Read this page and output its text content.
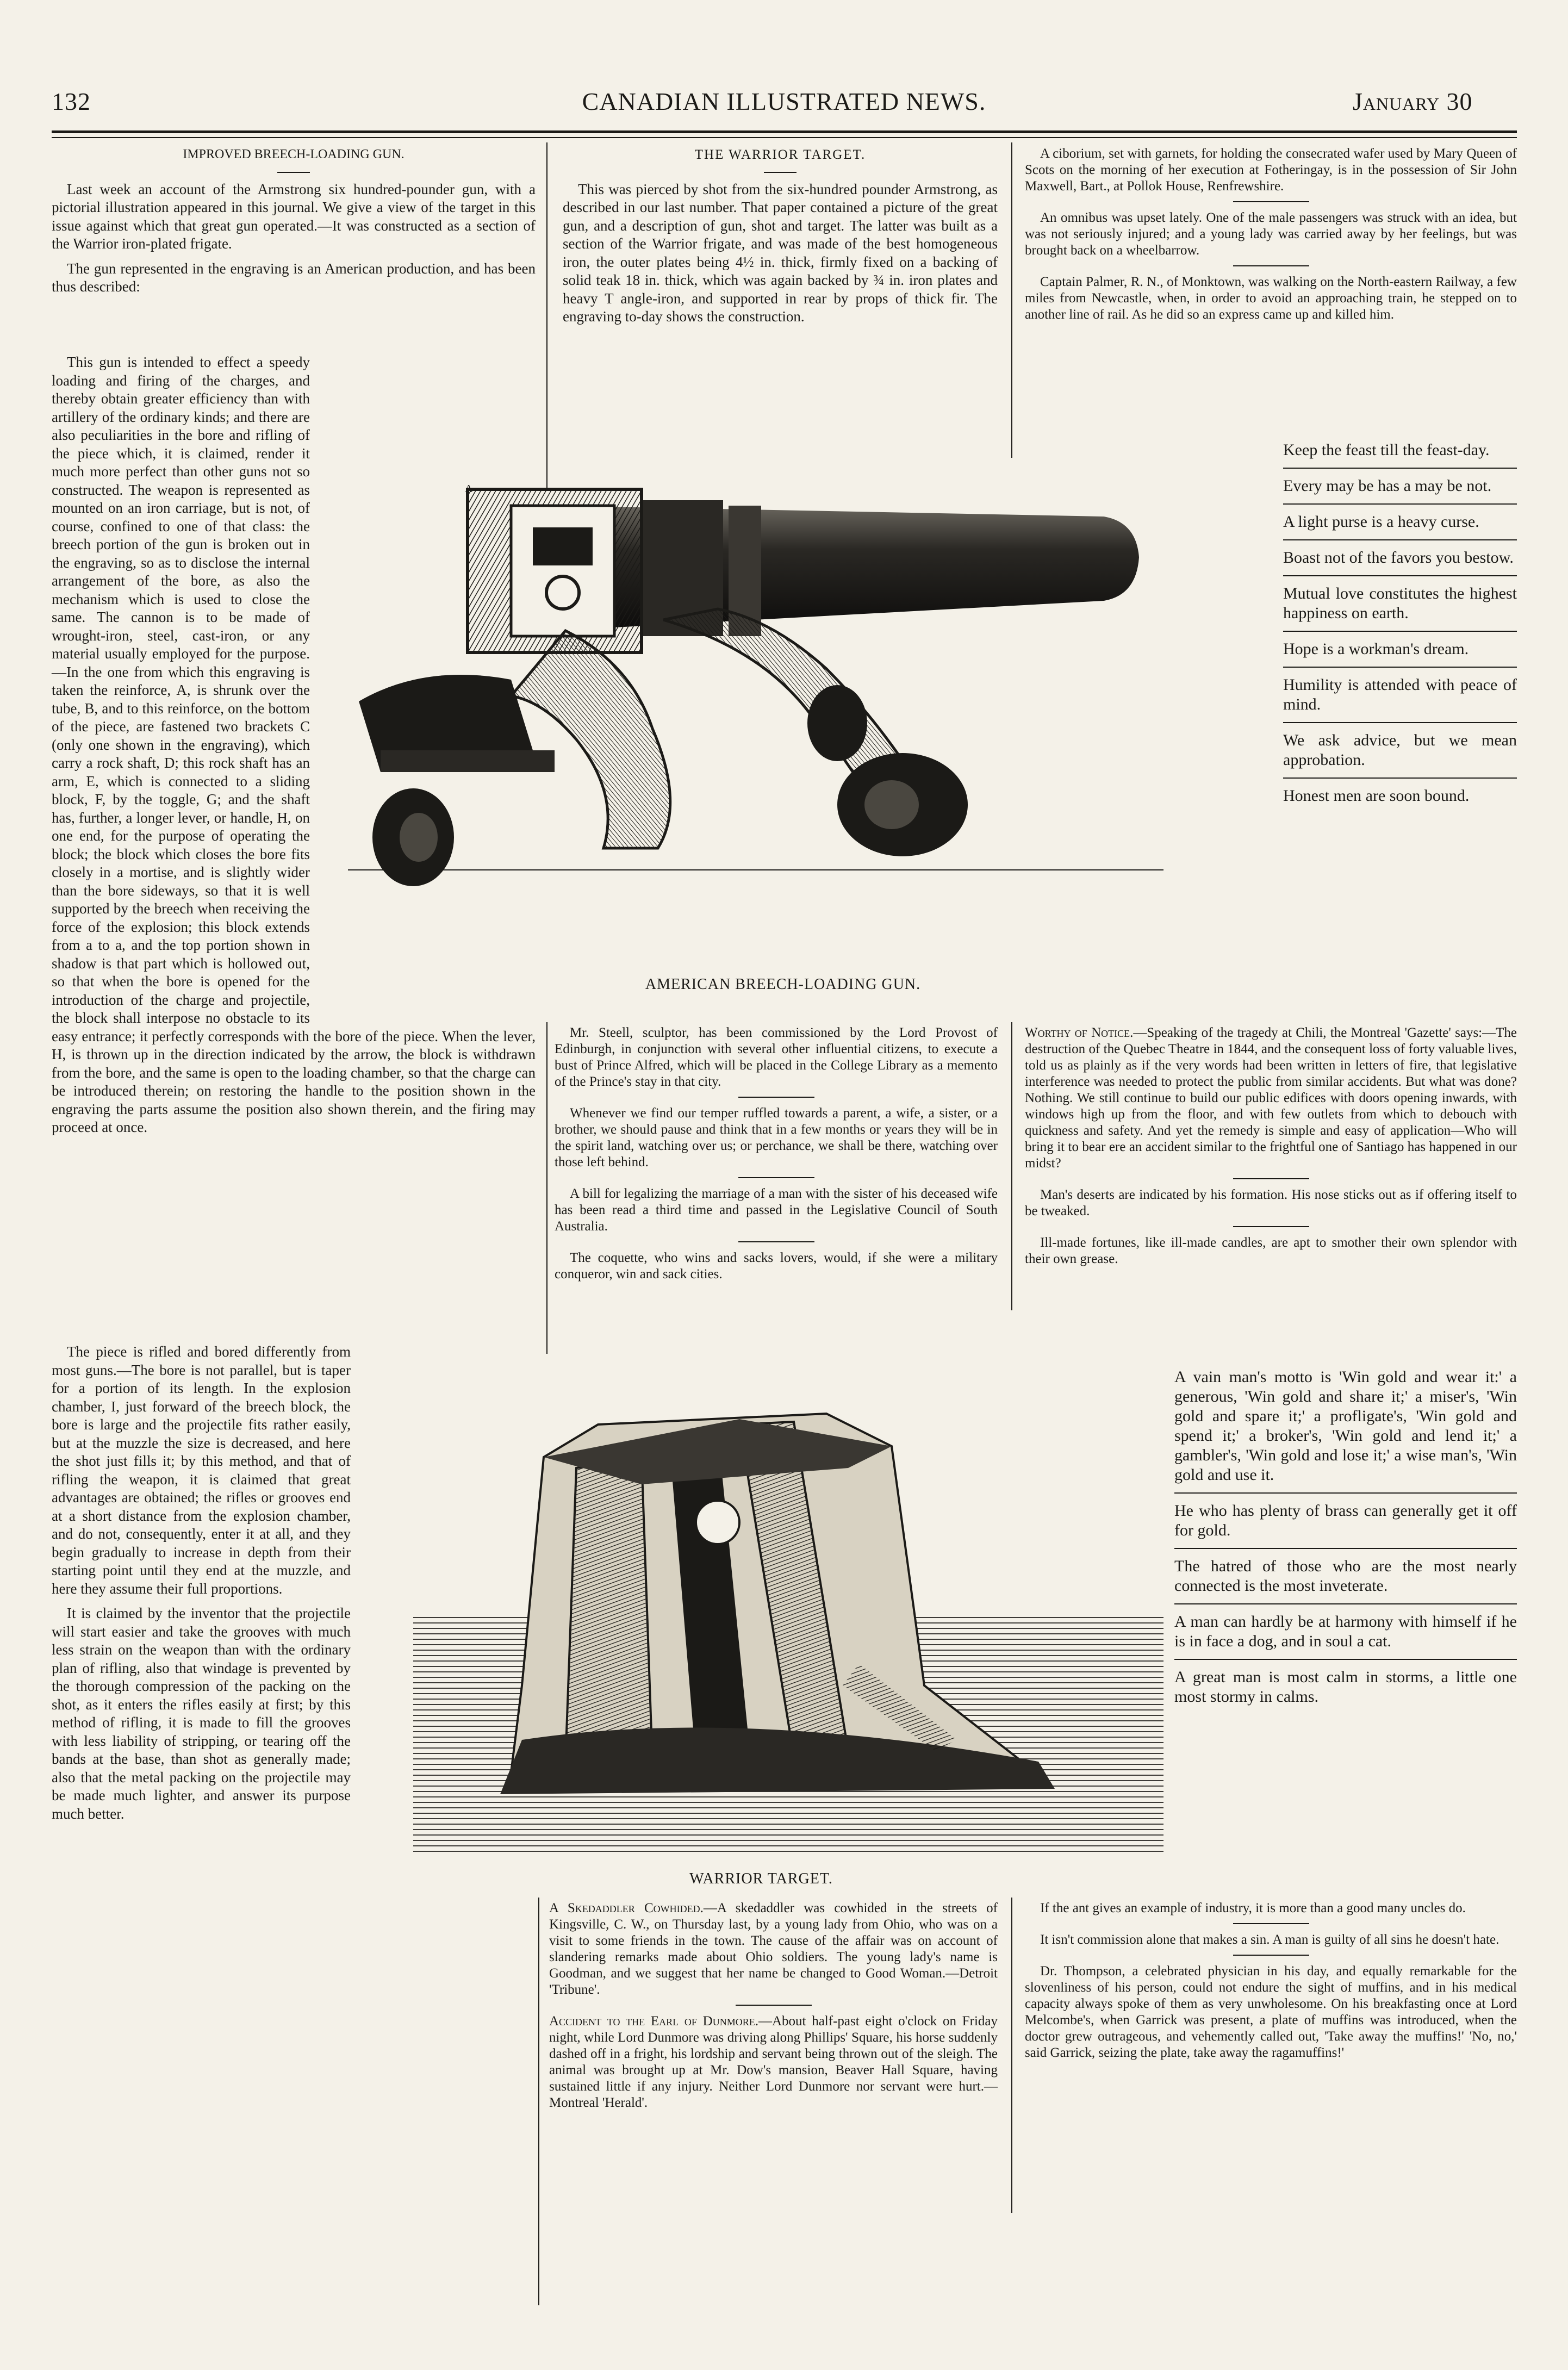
132	CANADIAN ILLUSTRATED NEWS.	January 30
IMPROVED BREECH-LOADING GUN.

Last week an account of the Armstrong six hundred-pounder gun, with a pictorial illustration appeared in this journal. We give a view of the target in this issue against which that great gun operated.—It was constructed as a section of the Warrior iron-plated frigate.

The gun represented in the engraving is an American production, and has been thus described:

This gun is intended to effect a speedy loading and firing of the charges, and thereby obtain greater efficiency than with artillery of the ordinary kinds; and there are also peculiarities in the bore and rifling of the piece which, it is claimed, render it much more perfect than other guns not so constructed. The weapon is represented as mounted on an iron carriage, but is not, of course, confined to one of that class: the breech portion of the gun is broken out in the engraving, so as to disclose the internal arrangement of the bore, as also the mechanism which is used to close the same. The cannon is to be made of wrought-iron, steel, cast-iron, or any material usually employed for the purpose.—In the one from which this engraving is taken the reinforce, A, is shrunk over the tube, B, and to this reinforce, on the bottom of the piece, are fastened two brackets C (only one shown in the engraving), which carry a rock shaft, D; this rock shaft has an arm, E, which is connected to a sliding block, F, by the toggle, G; and the shaft has, further, a longer lever, or handle, H, on one end, for the purpose of operating the block; the block which closes the bore fits closely in a mortise, and is slightly wider than the bore sideways, so that it is well supported by the breech when receiving the force of the explosion; this block extends from a to a, and the top portion shown in shadow is that part which is hollowed out, so that when the bore is opened for the introduction of the charge and projectile, the block shall interpose no obstacle to its easy entrance; it perfectly corresponds with the bore of the piece. When the lever, H, is thrown up in the direction indicated by the arrow, the block is withdrawn from the bore, and the same is open to the loading chamber, so that the charge can be introduced therein; on restoring the handle to the position shown in the engraving the parts assume the position also shown therein, and the firing may proceed at once.

The piece is rifled and bored differently from most guns.—The bore is not parallel, but is taper for a portion of its length. In the explosion chamber, I, just forward of the breech block, the bore is large and the projectile fits rather easily, but at the muzzle the size is decreased, and here the shot just fills it; by this method, and that of rifling the weapon, it is claimed that great advantages are obtained; the rifles or grooves end at a short distance from the explosion chamber, and do not, consequently, enter it at all, and they begin gradually to increase in depth from their starting point until they end at the muzzle, and here they assume their full proportions.

It is claimed by the inventor that the projectile will start easier and take the grooves with much less strain on the weapon than with the ordinary plan of rifling, also that windage is prevented by the thorough compression of the packing on the shot, as it enters the rifles easily at first; by this method of rifling, it is made to fill the grooves with less liability of stripping, or tearing off the bands at the base, than shot as generally made; also that the metal packing on the projectile may be made much lighter, and answer its purpose much better.

THE WARRIOR TARGET.

This was pierced by shot from the six-hundred pounder Armstrong, as described in our last number. That paper contained a picture of the great gun, and a description of gun, shot and target. The latter was built as a section of the Warrior frigate, and was made of the best homogeneous iron, the outer plates being 4½ in. thick, firmly fixed on a backing of solid teak 18 in. thick, which was again backed by ¾ in. iron plates and heavy T angle-iron, and supported in rear by props of thick fir. The engraving to-day shows the construction.

A ciborium, set with garnets, for holding the consecrated wafer used by Mary Queen of Scots on the morning of her execution at Fotheringay, is in the possession of Sir John Maxwell, Bart., at Pollok House, Renfrewshire.

An omnibus was upset lately. One of the male passengers was struck with an idea, but was not seriously injured; and a young lady was carried away by her feelings, but was brought back on a wheelbarrow.

Captain Palmer, R. N., of Monktown, was walking on the North-eastern Railway, a few miles from Newcastle, when, in order to avoid an approaching train, he stepped on to another line of rail. As he did so an express came up and killed him.

Keep the feast till the feast-day.

Every may be has a may be not.

A light purse is a heavy curse.

Boast not of the favors you bestow.

Mutual love constitutes the highest happiness on earth.

Hope is a workman's dream.

Humility is attended with peace of mind.

We ask advice, but we mean approbation.

Honest men are soon bound.

A
AMERICAN BREECH-LOADING GUN.

Mr. Steell, sculptor, has been commissioned by the Lord Provost of Edinburgh, in conjunction with several other influential citizens, to execute a bust of Prince Alfred, which will be placed in the College Library as a memento of the Prince's stay in that city.

Whenever we find our temper ruffled towards a parent, a wife, a sister, or a brother, we should pause and think that in a few months or years they will be in the spirit land, watching over us; or perchance, we shall be there, watching over those left behind.

A bill for legalizing the marriage of a man with the sister of his deceased wife has been read a third time and passed in the Legislative Council of South Australia.

The coquette, who wins and sacks lovers, would, if she were a military conqueror, win and sack cities.

Worthy of Notice.—Speaking of the tragedy at Chili, the Montreal 'Gazette' says:—The destruction of the Quebec Theatre in 1844, and the consequent loss of forty valuable lives, told us as plainly as if the very words had been written in letters of fire, that legislative interference was needed to protect the public from similar accidents. But what was done? Nothing. We still continue to build our public edifices with doors opening inwards, with windows high up from the floor, and with few outlets from which to debouch with quickness and safety. And yet the remedy is simple and easy of application—Who will bring it to bear ere an accident similar to the frightful one of Santiago has happened in our midst?

Man's deserts are indicated by his formation. His nose sticks out as if offering itself to be tweaked.

Ill-made fortunes, like ill-made candles, are apt to smother their own splendor with their own grease.

A vain man's motto is 'Win gold and wear it:' a generous, 'Win gold and share it;' a miser's, 'Win gold and spare it;' a profligate's, 'Win gold and spend it;' a broker's, 'Win gold and lend it;' a gambler's, 'Win gold and lose it;' a wise man's, 'Win gold and use it.

He who has plenty of brass can generally get it off for gold.

The hatred of those who are the most nearly connected is the most inveterate.

A man can hardly be at harmony with himself if he is in face a dog, and in soul a cat.

A great man is most calm in storms, a little one most stormy in calms.

WARRIOR TARGET.

A Skedaddler Cowhided.—A skedaddler was cowhided in the streets of Kingsville, C. W., on Thursday last, by a young lady from Ohio, who was on a visit to some friends in the town. The cause of the affair was on account of slandering remarks made about Ohio soldiers. The young lady's name is Goodman, and we suggest that her name be changed to Good Woman.—Detroit 'Tribune'.

Accident to the Earl of Dunmore.—About half-past eight o'clock on Friday night, while Lord Dunmore was driving along Phillips' Square, his horse suddenly dashed off in a fright, his lordship and servant being thrown out of the sleigh. The animal was brought up at Mr. Dow's mansion, Beaver Hall Square, having sustained little if any injury. Neither Lord Dunmore nor servant were hurt.—Montreal 'Herald'.

If the ant gives an example of industry, it is more than a good many uncles do.

It isn't commission alone that makes a sin. A man is guilty of all sins he doesn't hate.

Dr. Thompson, a celebrated physician in his day, and equally remarkable for the slovenliness of his person, could not endure the sight of muffins, and in his medical capacity always spoke of them as very unwholesome. On his breakfasting once at Lord Melcombe's, when Garrick was present, a plate of muffins was introduced, when the doctor grew outrageous, and vehemently called out, 'Take away the muffins!' 'No, no,' said Garrick, seizing the plate, take away the ragamuffins!'
